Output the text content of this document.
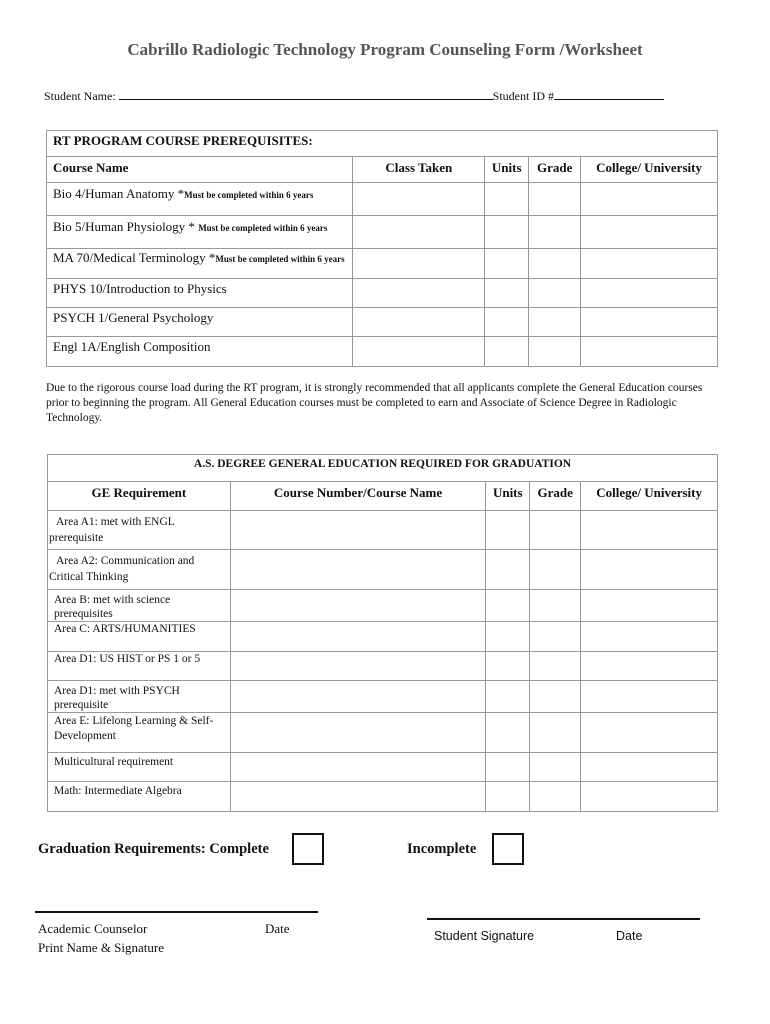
Cabrillo Radiologic Technology Program Counseling Form /Worksheet
Student Name:	Student ID #
RT PROGRAM COURSE PREREQUISITES:				
Course Name	Class Taken	Units	Grade	College/ University
Bio 4/Human Anatomy *Must be completed within 6 years				
Bio 5/Human Physiology * Must be completed within 6 years				
MA 70/Medical Terminology *Must be completed within 6 years				
PHYS 10/Introduction to Physics				
PSYCH 1/General Psychology				
Engl 1A/English Composition				
Due to the rigorous course load during the RT program, it is strongly recommended that all applicants complete the General Education courses prior to beginning the program. All General Education courses must be completed to earn and Associate of Science Degree in Radiologic Technology.
A.S. DEGREE GENERAL EDUCATION REQUIRED FOR GRADUATION				
GE Requirement	Course Number/Course Name	Units	Grade	College/ University
Area A1: met with ENGL prerequisite				
Area A2: Communication and Critical Thinking				
Area B: met with science prerequisites				
Area C: ARTS/HUMANITIES				
Area D1: US HIST or PS 1 or 5				
Area D1: met with PSYCH prerequisite				
Area E: Lifelong Learning & Self-Development				
Multicultural requirement				
Math: Intermediate Algebra				
Graduation Requirements: Complete	Incomplete
Academic Counselor
Print Name & Signature
Date	Student Signature	Date
